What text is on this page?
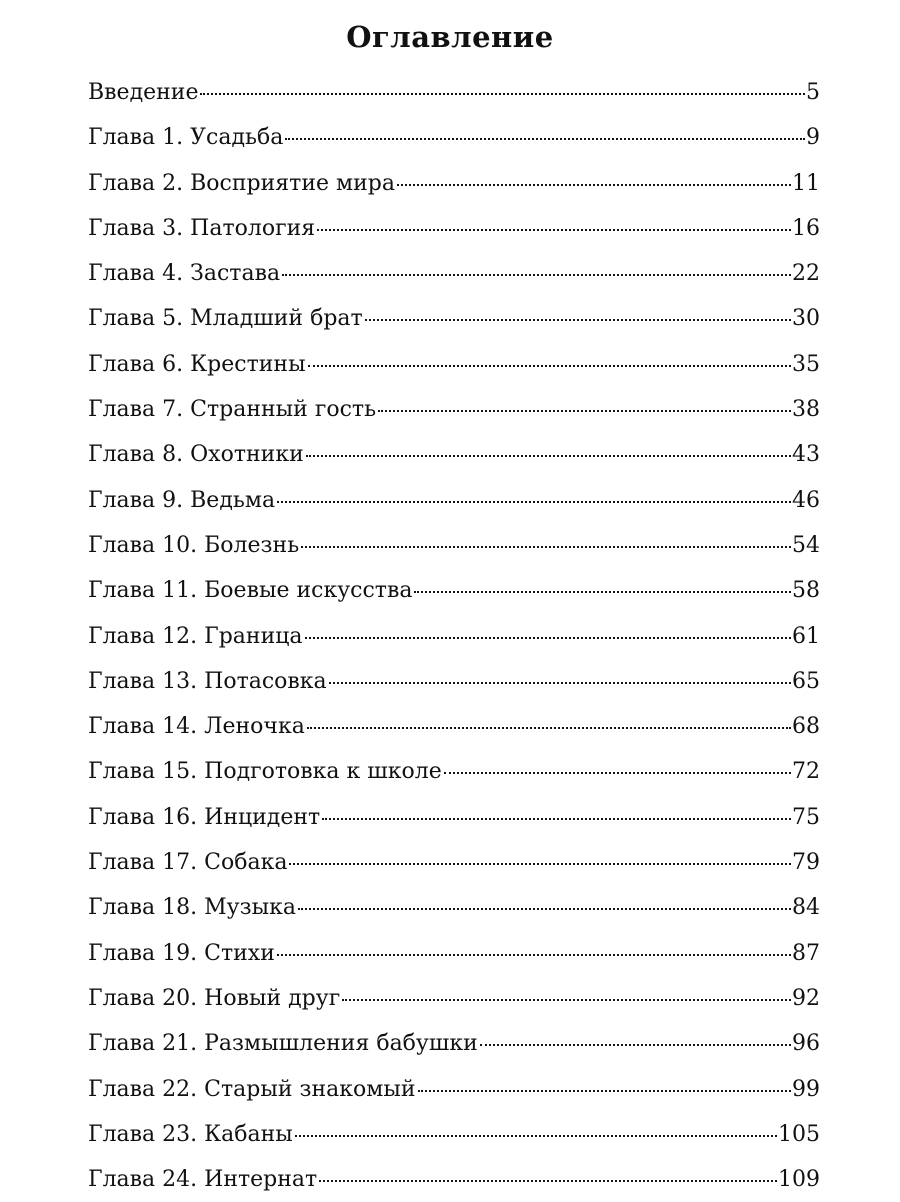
Оглавление
Введение	5
Глава 1. Усадьба	9
Глава 2. Восприятие мира	11
Глава 3. Патология	16
Глава 4. Застава	22
Глава 5. Младший брат	30
Глава 6. Крестины	35
Глава 7. Странный гость	38
Глава 8. Охотники	43
Глава 9. Ведьма	46
Глава 10. Болезнь	54
Глава 11. Боевые искусства	58
Глава 12. Граница	61
Глава 13. Потасовка	65
Глава 14. Леночка	68
Глава 15. Подготовка к школе	72
Глава 16. Инцидент	75
Глава 17. Собака	79
Глава 18. Музыка	84
Глава 19. Стихи	87
Глава 20. Новый друг	92
Глава 21. Размышления бабушки	96
Глава 22. Старый знакомый	99
Глава 23. Кабаны	105
Глава 24. Интернат	109
